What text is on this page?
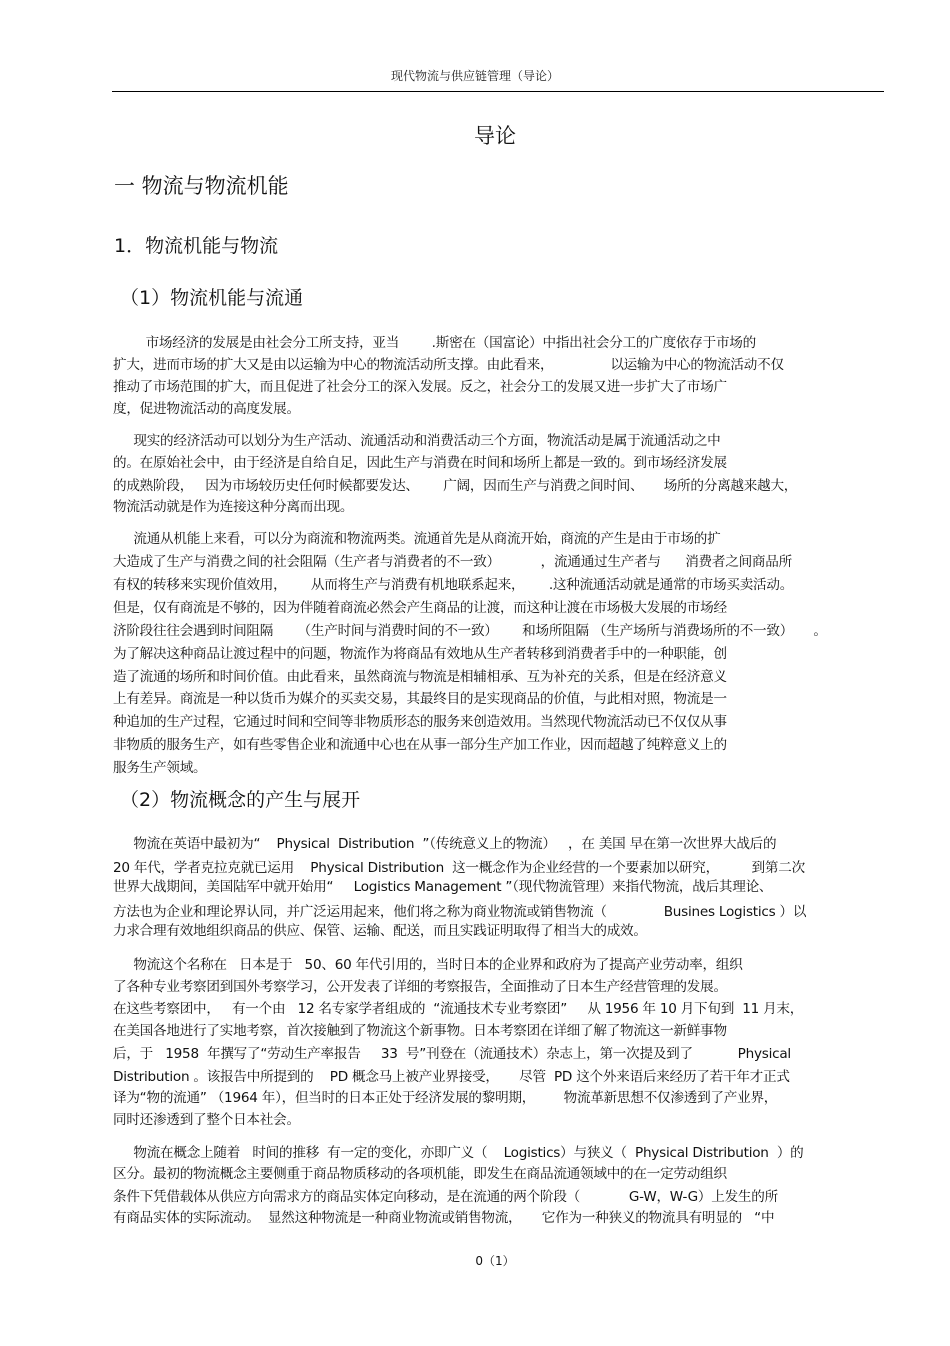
现代物流与供应链管理（导论）
导论
一 物流与物流机能
1．物流机能与物流
（1）物流机能与流通
市场经济的发展是由社会分工所支持，亚当        .斯密在（国富论）中指出社会分工的广度依存于市场的
扩大，进而市场的扩大又是由以运输为中心的物流活动所支撑。由此看来，              以运输为中心的物流活动不仅
推动了市场范围的扩大，而且促进了社会分工的深入发展。反之，社会分工的发展又进一步扩大了市场广
度，促进物流活动的高度发展。
现实的经济活动可以划分为生产活动、流通活动和消费活动三个方面，物流活动是属于流通活动之中
的。在原始社会中，由于经济是自给自足，因此生产与消费在时间和场所上都是一致的。到市场经济发展
的成熟阶段，   因为市场较历史任何时候都要发达、      广阔，因而生产与消费之间时间、     场所的分离越来越大，
物流活动就是作为连接这种分离而出现。
流通从机能上来看，可以分为商流和物流两类。流通首先是从商流开始，商流的产生是由于市场的扩
大造成了生产与消费之间的社会阻隔（生产者与消费者的不一致）          ，流通通过生产者与      消费者之间商品所
有权的转移来实现价值效用，      从而将生产与消费有机地联系起来，      .这种流通活动就是通常的市场买卖活动。
但是，仅有商流是不够的，因为伴随着商流必然会产生商品的让渡，而这种让渡在市场极大发展的市场经
济阶段往往会遇到时间阻隔      （生产时间与消费时间的不一致）      和场所阻隔 （生产场所与消费场所的不一致）     。
为了解决这种商品让渡过程中的问题，物流作为将商品有效地从生产者转移到消费者手中的一种职能，创
造了流通的场所和时间价值。由此看来，虽然商流与物流是相辅相承、互为补充的关系，但是在经济意义
上有差异。商流是一种以货币为媒介的买卖交易，其最终目的是实现商品的价值，与此相对照，物流是一
种追加的生产过程，它通过时间和空间等非物质形态的服务来创造效用。当然现代物流活动已不仅仅从事
非物质的服务生产，如有些零售企业和流通中心也在从事一部分生产加工作业，因而超越了纯粹意义上的
服务生产领域。
（2）物流概念的产生与展开
物流在英语中最初为“    Physical  Distribution  ”（传统意义上的物流）   ，在 美国 早在第一次世界大战后的
20 年代，学者克拉克就已运用    Physical Distribution  这一概念作为企业经营的一个要素加以研究，        到第二次
世界大战期间，美国陆军中就开始用“     Logistics Management ”（现代物流管理）来指代物流，战后其理论、
方法也为企业和理论界认同，并广泛运用起来，他们将之称为商业物流或销售物流（              Busines Logistics ）以
力求合理有效地组织商品的供应、保管、运输、配送，而且实践证明取得了相当大的成效。
物流这个名称在   日本是于   50、60 年代引用的，当时日本的企业界和政府为了提高产业劳动率，组织
了各种专业考察团到国外考察学习，公开发表了详细的考察报告，全面推动了日本生产经营管理的发展。
在这些考察团中，   有一个由   12 名专家学者组成的  “流通技术专业考察团”     从 1956 年 10 月下旬到  11 月末，
在美国各地进行了实地考察，首次接触到了物流这个新事物。日本考察团在详细了解了物流这一新鲜事物
后，于   1958  年撰写了“劳动生产率报告     33  号”刊登在（流通技术）杂志上，第一次提及到了           Physical
Distribution 。该报告中所提到的    PD 概念马上被产业界接受，     尽管  PD 这个外来语后来经历了若干年才正式
译为“物的流通” （1964 年），但当时的日本正处于经济发展的黎明期，       物流革新思想不仅渗透到了产业界，
同时还渗透到了整个日本社会。
物流在概念上随着   时间的推移  有一定的变化，亦即广义（    Logistics）与狭义（  Physical Distribution  ）的
区分。最初的物流概念主要侧重于商品物质移动的各项机能，即发生在商品流通领域中的在一定劳动组织
条件下凭借载体从供应方向需求方的商品实体定向移动，是在流通的两个阶段（            G-W，W-G）上发生的所
有商品实体的实际流动。  显然这种物流是一种商业物流或销售物流，     它作为一种狭义的物流具有明显的   “中
0（1）
